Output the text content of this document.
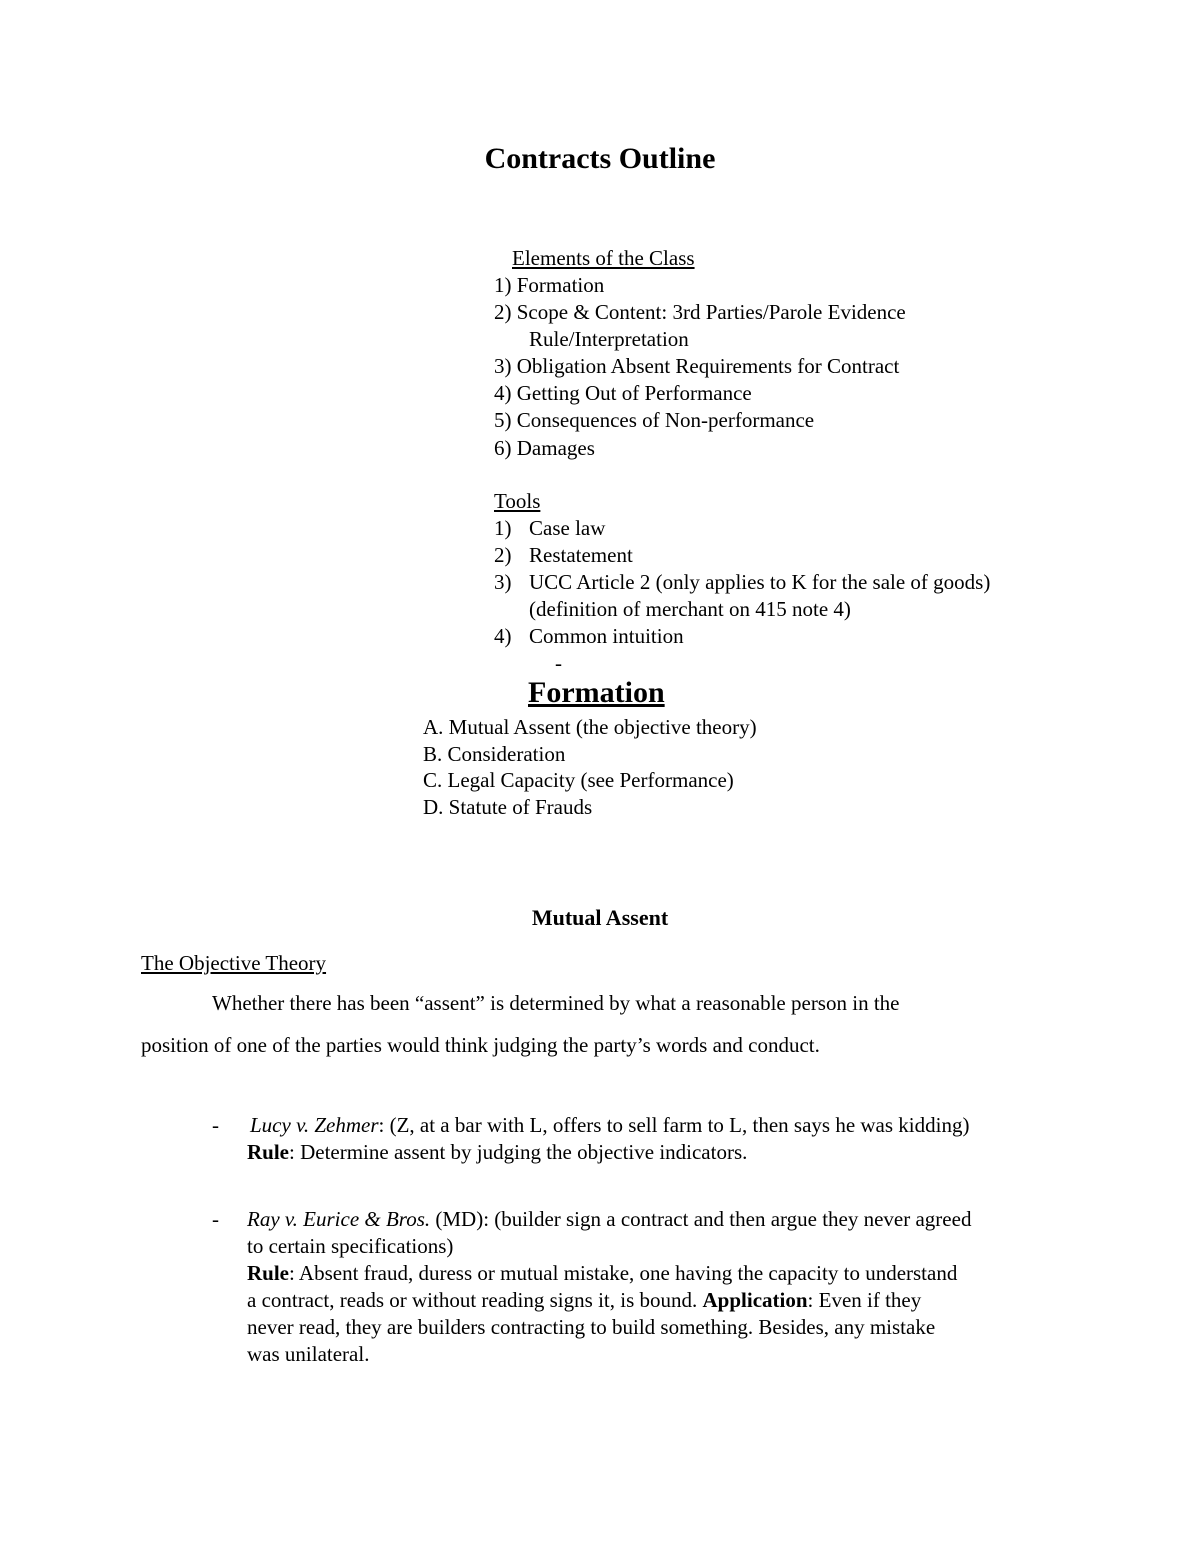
Contracts Outline
Elements of the Class
1) Formation
2) Scope & Content: 3rd Parties/Parole Evidence
Rule/Interpretation
3) Obligation Absent Requirements for Contract
4) Getting Out of Performance
5) Consequences of Non-performance
6) Damages
Tools
1) Case law
2) Restatement
3) UCC Article 2 (only applies to K for the sale of goods)
(definition of merchant on 415 note 4)
4) Common intuition
-
Formation
A. Mutual Assent (the objective theory)
B. Consideration
C. Legal Capacity (see Performance)
D. Statute of Frauds
Mutual Assent
The Objective Theory
Whether there has been “assent” is determined by what a reasonable person in the
position of one of the parties would think judging the party’s words and conduct.
- Lucy v. Zehmer: (Z, at a bar with L, offers to sell farm to L, then says he was kidding)
Rule: Determine assent by judging the objective indicators.
- Ray v. Eurice & Bros. (MD): (builder sign a contract and then argue they never agreed
to certain specifications)
Rule: Absent fraud, duress or mutual mistake, one having the capacity to understand
a contract, reads or without reading signs it, is bound. Application: Even if they
never read, they are builders contracting to build something. Besides, any mistake
was unilateral.
